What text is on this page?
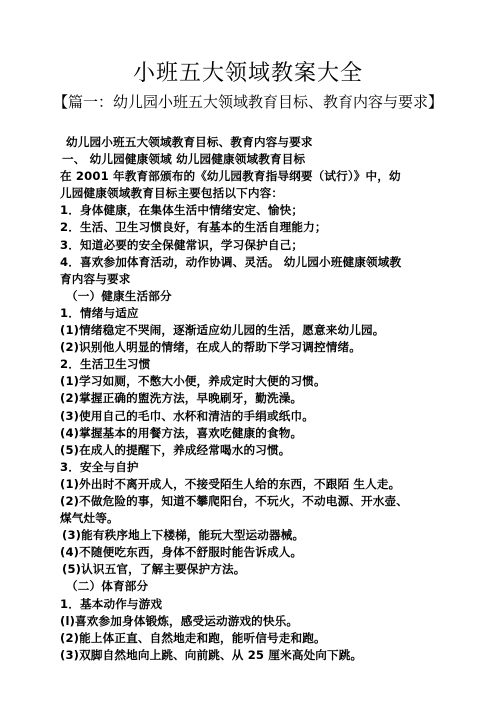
小班五大领域教案大全
【篇一：幼儿园小班五大领域教育目标、教育内容与要求】
幼儿园小班五大领域教育目标、教育内容与要求
一、 幼儿园健康领域 幼儿园健康领域教育目标
在 2001 年教育部颁布的《幼儿园教育指导纲要（试行）》中，幼
儿园健康领域教育目标主要包括以下内容：
1．身体健康，在集体生活中情绪安定、愉快；
2．生活、卫生习惯良好，有基本的生活自理能力；
3．知道必要的安全保健常识，学习保护自己；
4．喜欢参加体育活动，动作协调、灵活。 幼儿园小班健康领域教
育内容与要求
（一）健康生活部分
1．情绪与适应
(1)情绪稳定不哭闹，逐渐适应幼儿园的生活，愿意来幼儿园。
(2)识别他人明显的情绪，在成人的帮助下学习调控情绪。
2．生活卫生习惯
(1)学习如厕，不憋大小便，养成定时大便的习惯。
(2)掌握正确的盥洗方法，早晚刷牙，勤洗澡。
(3)使用自己的毛巾、水杯和清洁的手绢或纸巾。
(4)掌握基本的用餐方法，喜欢吃健康的食物。
(5)在成人的提醒下，养成经常喝水的习惯。
3．安全与自护
(1)外出时不离开成人，不接受陌生人给的东西，不跟陌 生人走。
(2)不做危险的事，知道不攀爬阳台，不玩火，不动电源、开水壶、
煤气灶等。
(3)能有秩序地上下楼梯，能玩大型运动器械。
(4)不随便吃东西，身体不舒服时能告诉成人。
(5)认识五官，了解主要保护方法。
（二）体育部分
1．基本动作与游戏
(l)喜欢参加身体锻炼，感受运动游戏的快乐。
(2)能上体正直、自然地走和跑，能听信号走和跑。
(3)双脚自然地向上跳、向前跳、从 25 厘米高处向下跳。
